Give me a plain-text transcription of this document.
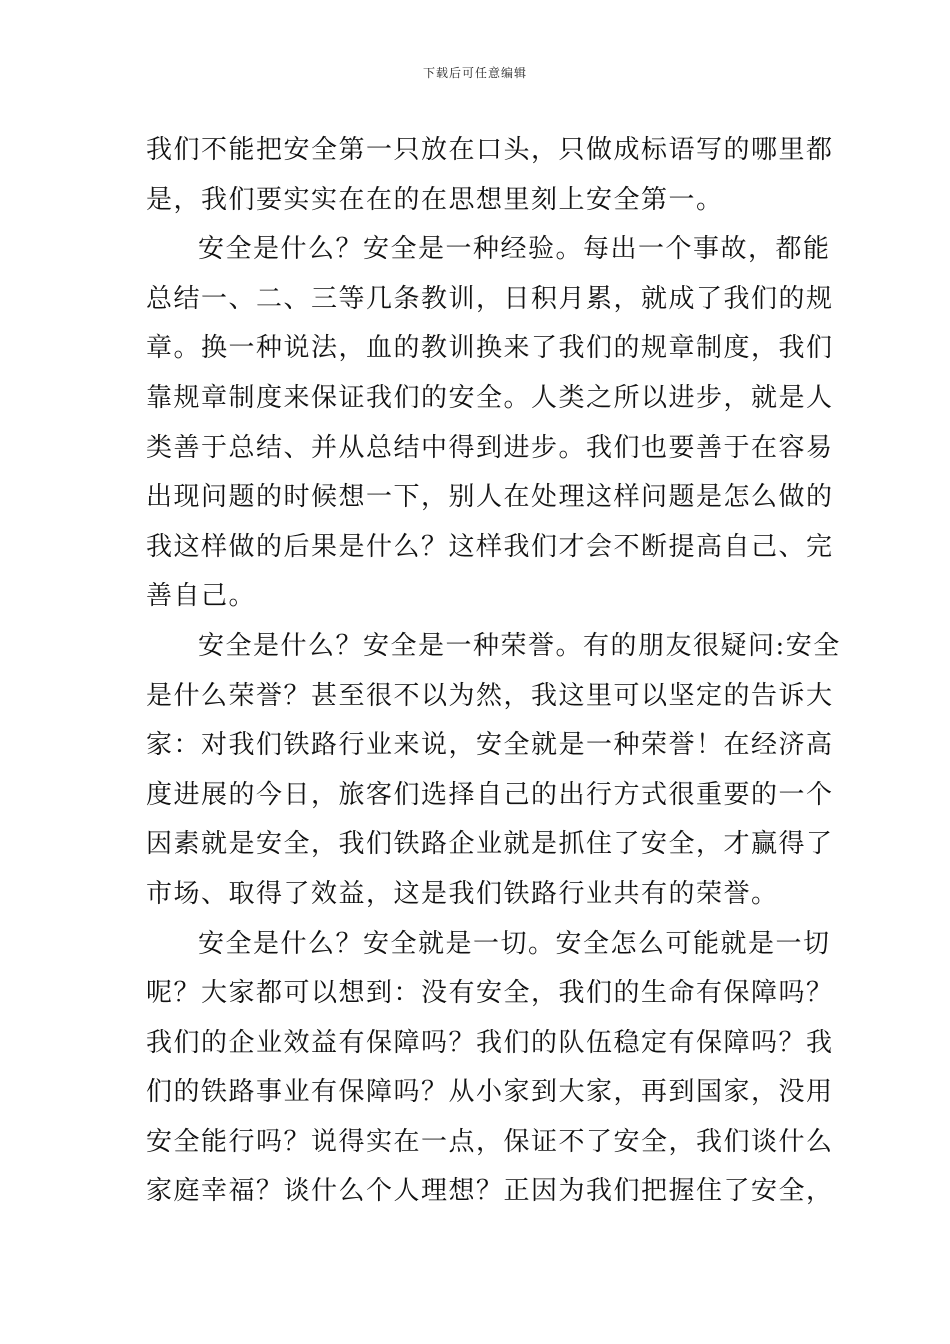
下载后可任意编辑
我们不能把安全第一只放在口头，只做成标语写的哪里都
是，我们要实实在在的在思想里刻上安全第一。
安全是什么？安全是一种经验。每出一个事故，都能
总结一、二、三等几条教训，日积月累，就成了我们的规
章。换一种说法，血的教训换来了我们的规章制度，我们
靠规章制度来保证我们的安全。人类之所以进步，就是人
类善于总结、并从总结中得到进步。我们也要善于在容易
出现问题的时候想一下，别人在处理这样问题是怎么做的
我这样做的后果是什么？这样我们才会不断提高自己、完
善自己。
安全是什么？安全是一种荣誉。有的朋友很疑问:安全
是什么荣誉？甚至很不以为然，我这里可以坚定的告诉大
家：对我们铁路行业来说，安全就是一种荣誉！在经济高
度进展的今日，旅客们选择自己的出行方式很重要的一个
因素就是安全，我们铁路企业就是抓住了安全，才赢得了
市场、取得了效益，这是我们铁路行业共有的荣誉。
安全是什么？安全就是一切。安全怎么可能就是一切
呢？大家都可以想到：没有安全，我们的生命有保障吗？
我们的企业效益有保障吗？我们的队伍稳定有保障吗？我
们的铁路事业有保障吗？从小家到大家，再到国家，没用
安全能行吗？说得实在一点，保证不了安全，我们谈什么
家庭幸福？谈什么个人理想？正因为我们把握住了安全，
